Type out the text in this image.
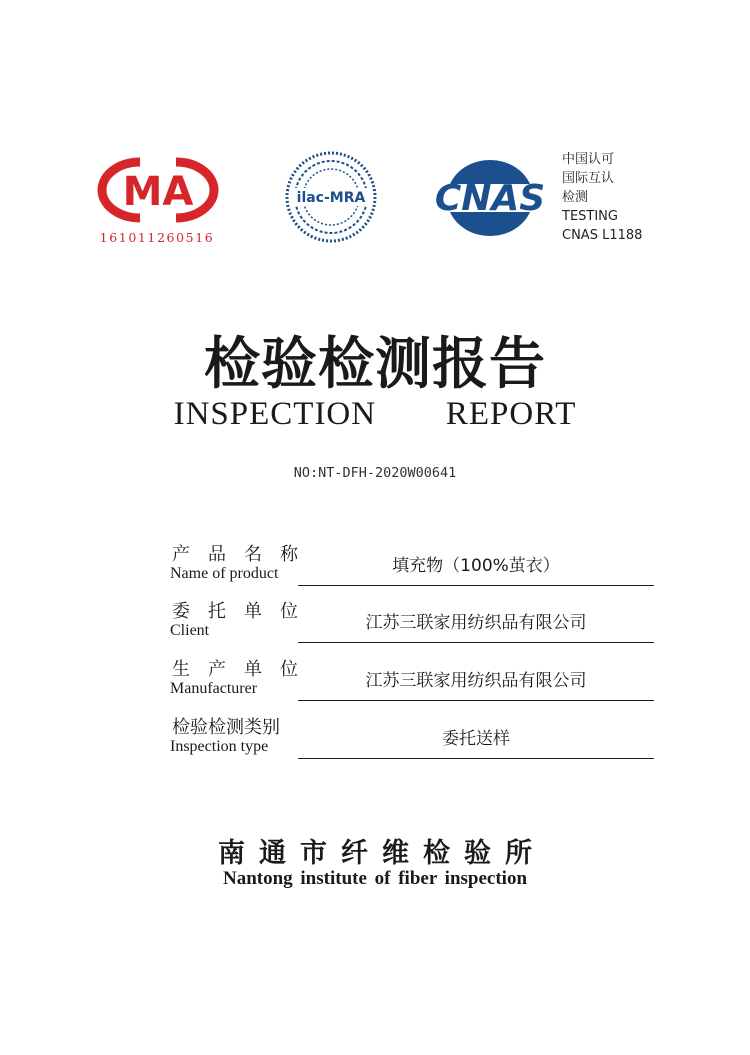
MA
161011260516
ilac-MRA CNAS
中国认可
国际互认
检测
TESTING
CNAS L1188
检验检测报告
INSPECTION   REPORT
NO:NT-DFH-2020W00641
产 品 名 称
Name of product	填充物（100%茧衣）
委 托 单 位
Client	江苏三联家用纺织品有限公司
生 产 单 位
Manufacturer	江苏三联家用纺织品有限公司
检验检测类别
Inspection type	委托送样
南通市纤维检验所
Nantong institute of fiber inspection
